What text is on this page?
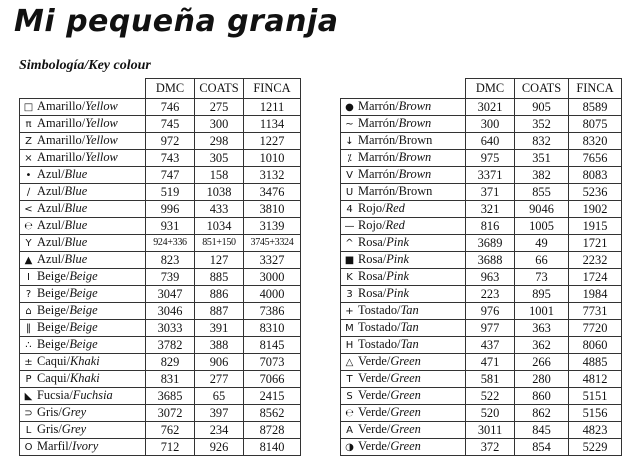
Mi pequeña granja

Simbología/Key colour

	DMC	COATS	FINCA
□ Amarillo/Yellow	746	275	1211
π Amarillo/Yellow	745	300	1134
Z Amarillo/Yellow	972	298	1227
× Amarillo/Yellow	743	305	1010
• Azul/Blue	747	158	3132
∕ Azul/Blue	519	1038	3476
< Azul/Blue	996	433	3810
℮ Azul/Blue	931	1034	3139
Y Azul/Blue	924+336	851+150	3745+3324
▲ Azul/Blue	823	127	3327
I Beige/Beige	739	885	3000
? Beige/Beige	3047	886	4000
⌂ Beige/Beige	3046	887	7386
‖ Beige/Beige	3033	391	8310
∴ Beige/Beige	3782	388	8145
± Caqui/Khaki	829	906	7073
P Caqui/Khaki	831	277	7066
◣ Fucsia/Fuchsia	3685	65	2415
⊃ Gris/Grey	3072	397	8562
L Gris/Grey	762	234	8728
O Marfil/Ivory	712	926	8140
	DMC	COATS	FINCA
● Marrón/Brown	3021	905	8589
~ Marrón/Brown	300	352	8075
↓ Marrón/Brown	640	832	8320
⁒ Marrón/Brown	975	351	7656
V Marrón/Brown	3371	382	8083
U Marrón/Brown	371	855	5236
4 Rojo/Red	321	9046	1902
— Rojo/Red	816	1005	1915
^ Rosa/Pink	3689	49	1721
■ Rosa/Pink	3688	66	2232
K Rosa/Pink	963	73	1724
3 Rosa/Pink	223	895	1984
+ Tostado/Tan	976	1001	7731
M Tostado/Tan	977	363	7720
H Tostado/Tan	437	362	8060
△ Verde/Green	471	266	4885
T Verde/Green	581	280	4812
S Verde/Green	522	860	5151
℮ Verde/Green	520	862	5156
A Verde/Green	3011	845	4823
◑ Verde/Green	372	854	5229
